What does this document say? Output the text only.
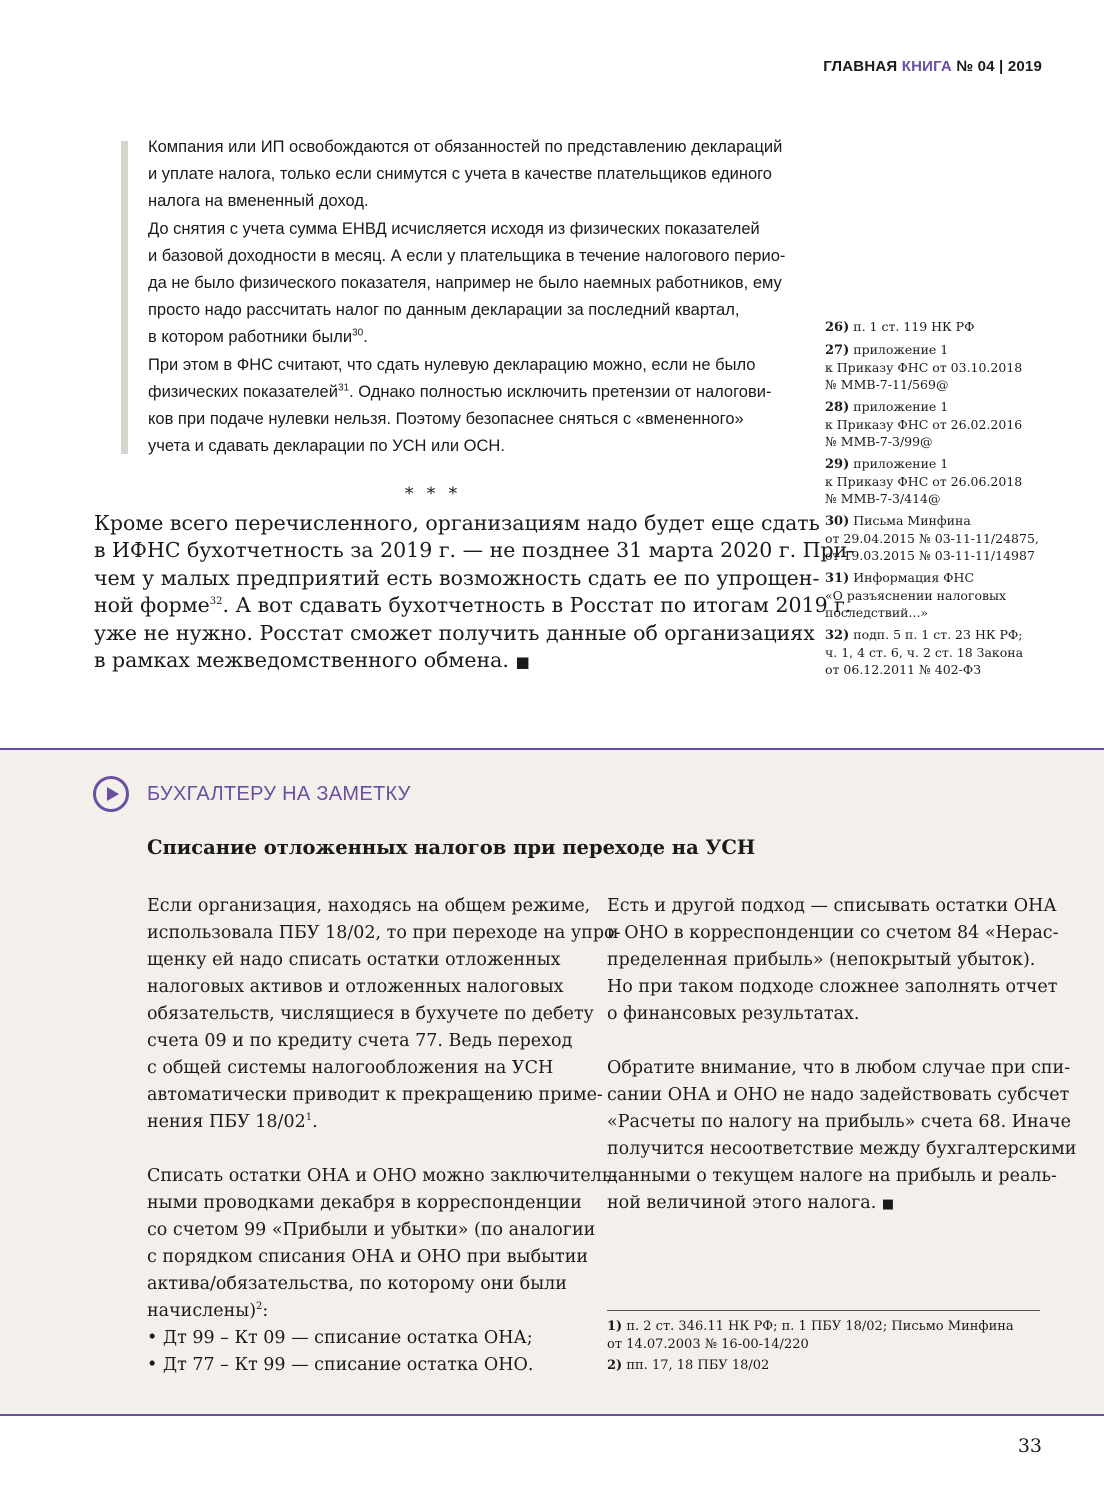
ГЛАВНАЯ КНИГА № 04 | 2019

Компания или ИП освобождаются от обязанностей по представлению деклараций
и уплате налога, только если снимутся с учета в качестве плательщиков единого
налога на вмененный доход.

До снятия с учета сумма ЕНВД исчисляется исходя из физических показателей
и базовой доходности в месяц. А если у плательщика в течение налогового перио-
да не было физического показателя, например не было наемных работников, ему
просто надо рассчитать налог по данным декларации за последний квартал,
в котором работники были$^{30}$.

При этом в ФНС считают, что сдать нулевую декларацию можно, если не было
физических показателей$^{31}$. Однако полностью исключить претензии от налогови-
ков при подаче нулевки нельзя. Поэтому безопаснее сняться с «вмененного»
учета и сдавать декларации по УСН или ОСН.

* * *
Кроме всего перечисленного, организациям надо будет еще сдать
в ИФНС бухотчетность за 2019 г. — не позднее 31 марта 2020 г. При-
чем у малых предприятий есть возможность сдать ее по упрощен-
ной форме$^{32}$. А вот сдавать бухотчетность в Росстат по итогам 2019 г.
уже не нужно. Росстат сможет получить данные об организациях
в рамках межведомственного обмена. ■
26) п. 1 ст. 119 НК РФ
27) приложение 1
к Приказу ФНС от 03.10.2018
№ ММВ-7-11/569@
28) приложение 1
к Приказу ФНС от 26.02.2016
№ ММВ-7-3/99@
29) приложение 1
к Приказу ФНС от 26.06.2018
№ ММВ-7-3/414@
30) Письма Минфина
от 29.04.2015 № 03-11-11/24875,
от 19.03.2015 № 03-11-11/14987
31) Информация ФНС
«О разъяснении налоговых
последствий...»
32) подп. 5 п. 1 ст. 23 НК РФ;
ч. 1, 4 ст. 6, ч. 2 ст. 18 Закона
от 06.12.2011 № 402-ФЗ
БУХГАЛТЕРУ НА ЗАМЕТКУ
Списание отложенных налогов при переходе на УСН
Если организация, находясь на общем режиме,
использовала ПБУ 18/02, то при переходе на упро-
щенку ей надо списать остатки отложенных
налоговых активов и отложенных налоговых
обязательств, числящиеся в бухучете по дебету
счета 09 и по кредиту счета 77. Ведь переход
с общей системы налогообложения на УСН
автоматически приводит к прекращению приме-
нения ПБУ $18/02^1$.
Списать остатки ОНА и ОНО можно заключитель-
ными проводками декабря в корреспонденции
со счетом 99 «Прибыли и убытки» (по аналогии
с порядком списания ОНА и ОНО при выбытии
актива/обязательства, по которому они были
начислены)$^2$:
• Дт 99 – Кт 09 — списание остатка ОНА;
• Дт 77 – Кт 99 — списание остатка ОНО.
Есть и другой подход — списывать остатки ОНА
и ОНО в корреспонденции со счетом 84 «Нерас-
пределенная прибыль» (непокрытый убыток).
Но при таком подходе сложнее заполнять отчет
о финансовых результатах.
Обратите внимание, что в любом случае при спи-
сании ОНА и ОНО не надо задействовать субсчет
«Расчеты по налогу на прибыль» счета 68. Иначе
получится несоответствие между бухгалтерскими
данными о текущем налоге на прибыль и реаль-
ной величиной этого налога. ■
1) п. 2 ст. 346.11 НК РФ; п. 1 ПБУ 18/02; Письмо Минфина
от 14.07.2003 № 16-00-14/220
2) пп. 17, 18 ПБУ 18/02
33
